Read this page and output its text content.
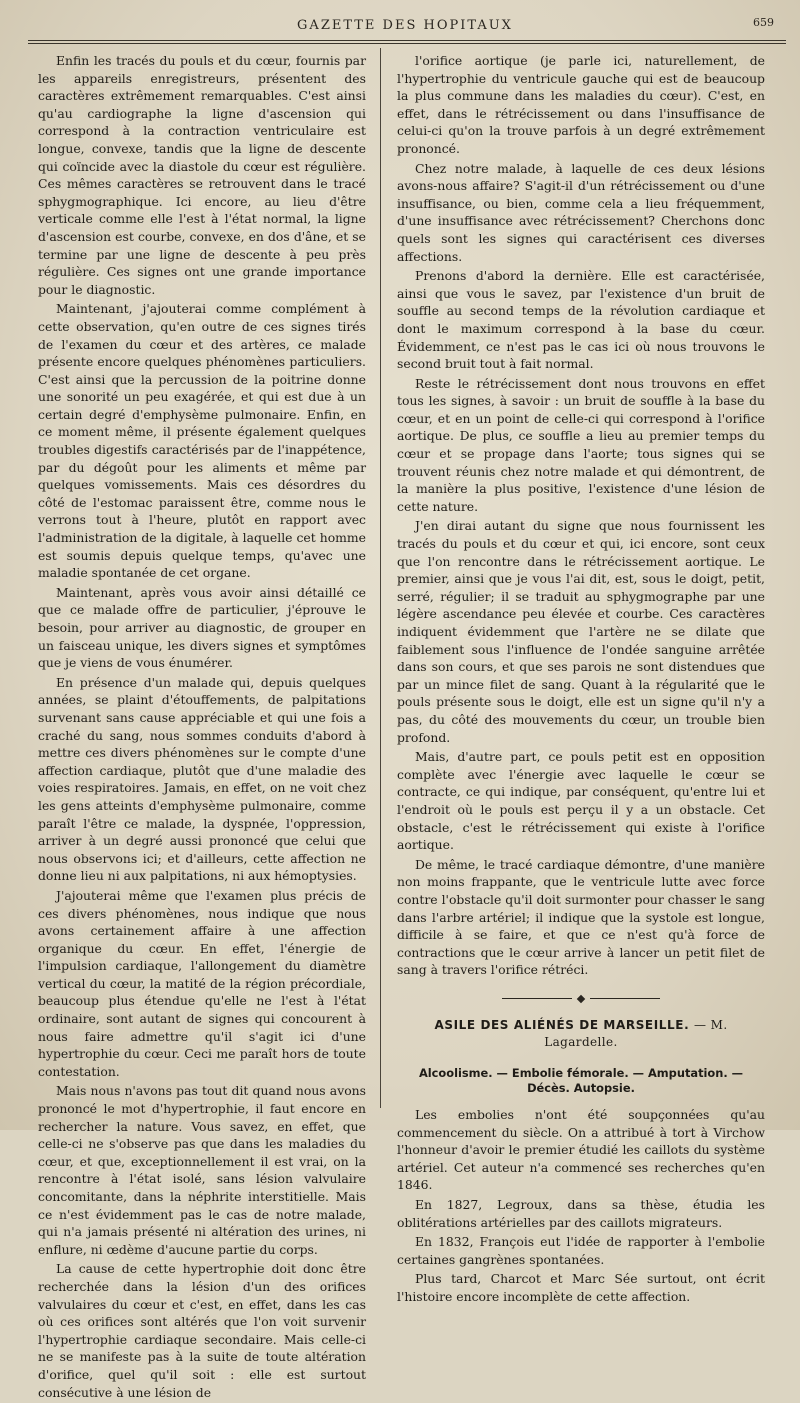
GAZETTE DES HOPITAUX	659

Enfin les tracés du pouls et du cœur, fournis par les appareils enregistreurs, présentent des caractères extrêmement remarquables. C'est ainsi qu'au cardiographe la ligne d'ascension qui correspond à la contraction ventriculaire est longue, convexe, tandis que la ligne de descente qui coïncide avec la diastole du cœur est régulière. Ces mêmes caractères se retrouvent dans le tracé sphygmographique. Ici encore, au lieu d'être verticale comme elle l'est à l'état normal, la ligne d'ascension est courbe, convexe, en dos d'âne, et se termine par une ligne de descente à peu près régulière. Ces signes ont une grande importance pour le diagnostic.

Maintenant, j'ajouterai comme complément à cette observation, qu'en outre de ces signes tirés de l'examen du cœur et des artères, ce malade présente encore quelques phénomènes particuliers. C'est ainsi que la percussion de la poitrine donne une sonorité un peu exagérée, et qui est due à un certain degré d'emphysème pulmonaire. Enfin, en ce moment même, il présente également quelques troubles digestifs caractérisés par de l'inappétence, par du dégoût pour les aliments et même par quelques vomissements. Mais ces désordres du côté de l'estomac paraissent être, comme nous le verrons tout à l'heure, plutôt en rapport avec l'administration de la digitale, à laquelle cet homme est soumis depuis quelque temps, qu'avec une maladie spontanée de cet organe.

Maintenant, après vous avoir ainsi détaillé ce que ce malade offre de particulier, j'éprouve le besoin, pour arriver au diagnostic, de grouper en un faisceau unique, les divers signes et symptômes que je viens de vous énumérer.

En présence d'un malade qui, depuis quelques années, se plaint d'étouffements, de palpitations survenant sans cause appréciable et qui une fois a craché du sang, nous sommes conduits d'abord à mettre ces divers phénomènes sur le compte d'une affection cardiaque, plutôt que d'une maladie des voies respiratoires. Jamais, en effet, on ne voit chez les gens atteints d'emphysème pulmonaire, comme paraît l'être ce malade, la dyspnée, l'oppression, arriver à un degré aussi prononcé que celui que nous observons ici; et d'ailleurs, cette affection ne donne lieu ni aux palpitations, ni aux hémoptysies.

J'ajouterai même que l'examen plus précis de ces divers phénomènes, nous indique que nous avons certainement affaire à une affection organique du cœur. En effet, l'énergie de l'impulsion cardiaque, l'allongement du diamètre vertical du cœur, la matité de la région précordiale, beaucoup plus étendue qu'elle ne l'est à l'état ordinaire, sont autant de signes qui concourent à nous faire admettre qu'il s'agit ici d'une hypertrophie du cœur. Ceci me paraît hors de toute contestation.

Mais nous n'avons pas tout dit quand nous avons prononcé le mot d'hypertrophie, il faut encore en rechercher la nature. Vous savez, en effet, que celle-ci ne s'observe pas que dans les maladies du cœur, et que, exceptionnellement il est vrai, on la rencontre à l'état isolé, sans lésion valvulaire concomitante, dans la néphrite interstitielle. Mais ce n'est évidemment pas le cas de notre malade, qui n'a jamais présenté ni altération des urines, ni enflure, ni œdème d'aucune partie du corps.

La cause de cette hypertrophie doit donc être recherchée dans la lésion d'un des orifices valvulaires du cœur et c'est, en effet, dans les cas où ces orifices sont altérés que l'on voit survenir l'hypertrophie cardiaque secondaire. Mais celle-ci ne se manifeste pas à la suite de toute altération d'orifice, quel qu'il soit : elle est surtout consécutive à une lésion de

l'orifice aortique (je parle ici, naturellement, de l'hypertrophie du ventricule gauche qui est de beaucoup la plus commune dans les maladies du cœur). C'est, en effet, dans le rétrécissement ou dans l'insuffisance de celui-ci qu'on la trouve parfois à un degré extrêmement prononcé.

Chez notre malade, à laquelle de ces deux lésions avons-nous affaire? S'agit-il d'un rétrécissement ou d'une insuffisance, ou bien, comme cela a lieu fréquemment, d'une insuffisance avec rétrécissement? Cherchons donc quels sont les signes qui caractérisent ces diverses affections.

Prenons d'abord la dernière. Elle est caractérisée, ainsi que vous le savez, par l'existence d'un bruit de souffle au second temps de la révolution cardiaque et dont le maximum correspond à la base du cœur. Évidemment, ce n'est pas le cas ici où nous trouvons le second bruit tout à fait normal.

Reste le rétrécissement dont nous trouvons en effet tous les signes, à savoir : un bruit de souffle à la base du cœur, et en un point de celle-ci qui correspond à l'orifice aortique. De plus, ce souffle a lieu au premier temps du cœur et se propage dans l'aorte; tous signes qui se trouvent réunis chez notre malade et qui démontrent, de la manière la plus positive, l'existence d'une lésion de cette nature.

J'en dirai autant du signe que nous fournissent les tracés du pouls et du cœur et qui, ici encore, sont ceux que l'on rencontre dans le rétrécissement aortique. Le premier, ainsi que je vous l'ai dit, est, sous le doigt, petit, serré, régulier; il se traduit au sphygmographe par une légère ascendance peu élevée et courbe. Ces caractères indiquent évidemment que l'artère ne se dilate que faiblement sous l'influence de l'ondée sanguine arrêtée dans son cours, et que ses parois ne sont distendues que par un mince filet de sang. Quant à la régularité que le pouls présente sous le doigt, elle est un signe qu'il n'y a pas, du côté des mouvements du cœur, un trouble bien profond.

Mais, d'autre part, ce pouls petit est en opposition complète avec l'énergie avec laquelle le cœur se contracte, ce qui indique, par conséquent, qu'entre lui et l'endroit où le pouls est perçu il y a un obstacle. Cet obstacle, c'est le rétrécissement qui existe à l'orifice aortique.

De même, le tracé cardiaque démontre, d'une manière non moins frappante, que le ventricule lutte avec force contre l'obstacle qu'il doit surmonter pour chasser le sang dans l'arbre artériel; il indique que la systole est longue, difficile à se faire, et que ce n'est qu'à force de contractions que le cœur arrive à lancer un petit filet de sang à travers l'orifice rétréci.

ASILE DES ALIÉNÉS DE MARSEILLE. — M. Lagardelle.
Alcoolisme. — Embolie fémorale. — Amputation. — Décès. Autopsie.

Les embolies n'ont été soupçonnées qu'au commencement du siècle. On a attribué à tort à Virchow l'honneur d'avoir le premier étudié les caillots du système artériel. Cet auteur n'a commencé ses recherches qu'en 1846.

En 1827, Legroux, dans sa thèse, étudia les oblitérations artérielles par des caillots migrateurs.

En 1832, François eut l'idée de rapporter à l'embolie certaines gangrènes spontanées.

Plus tard, Charcot et Marc Sée surtout, ont écrit l'histoire encore incomplète de cette affection.
